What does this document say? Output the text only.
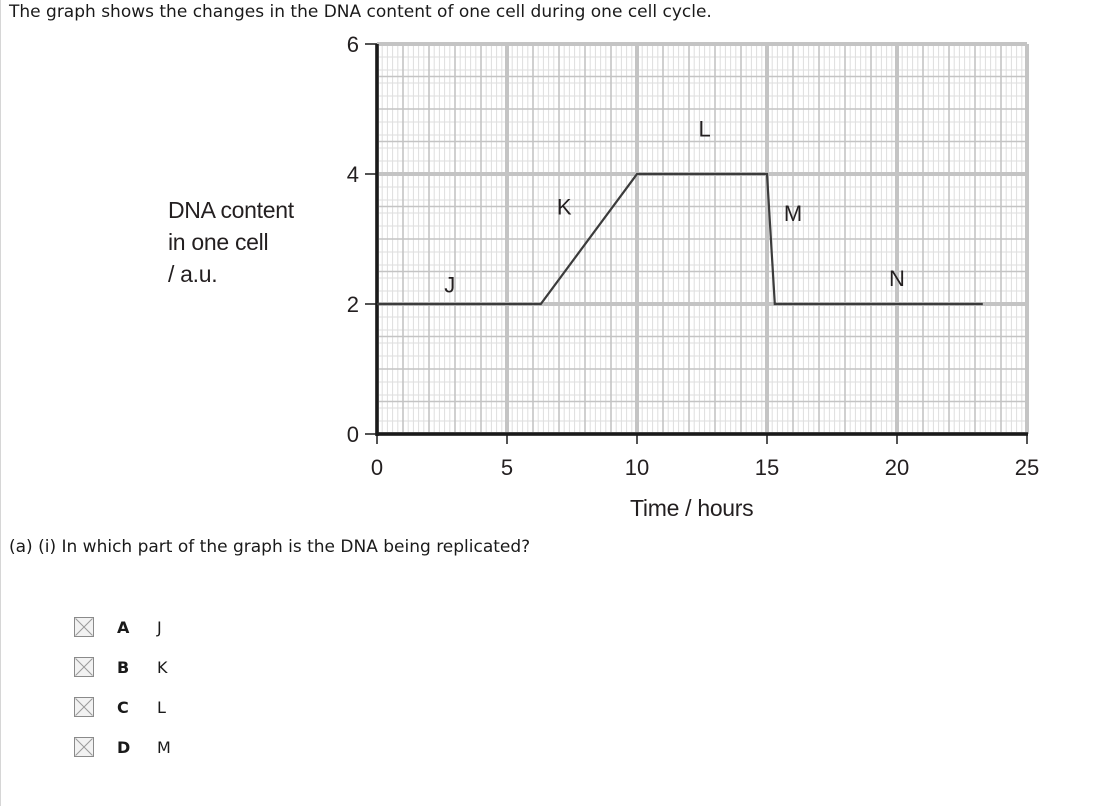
The graph shows the changes in the DNA content of one cell during one cell cycle.

0
2
4
6
0	5	10	15	20	25
J
K
L
M
N
DNA content
in one cell
/ a.u.
Time / hours

(a) (i) In which part of the graph is the DNA being replicated?

A J
B K
C L
D M
